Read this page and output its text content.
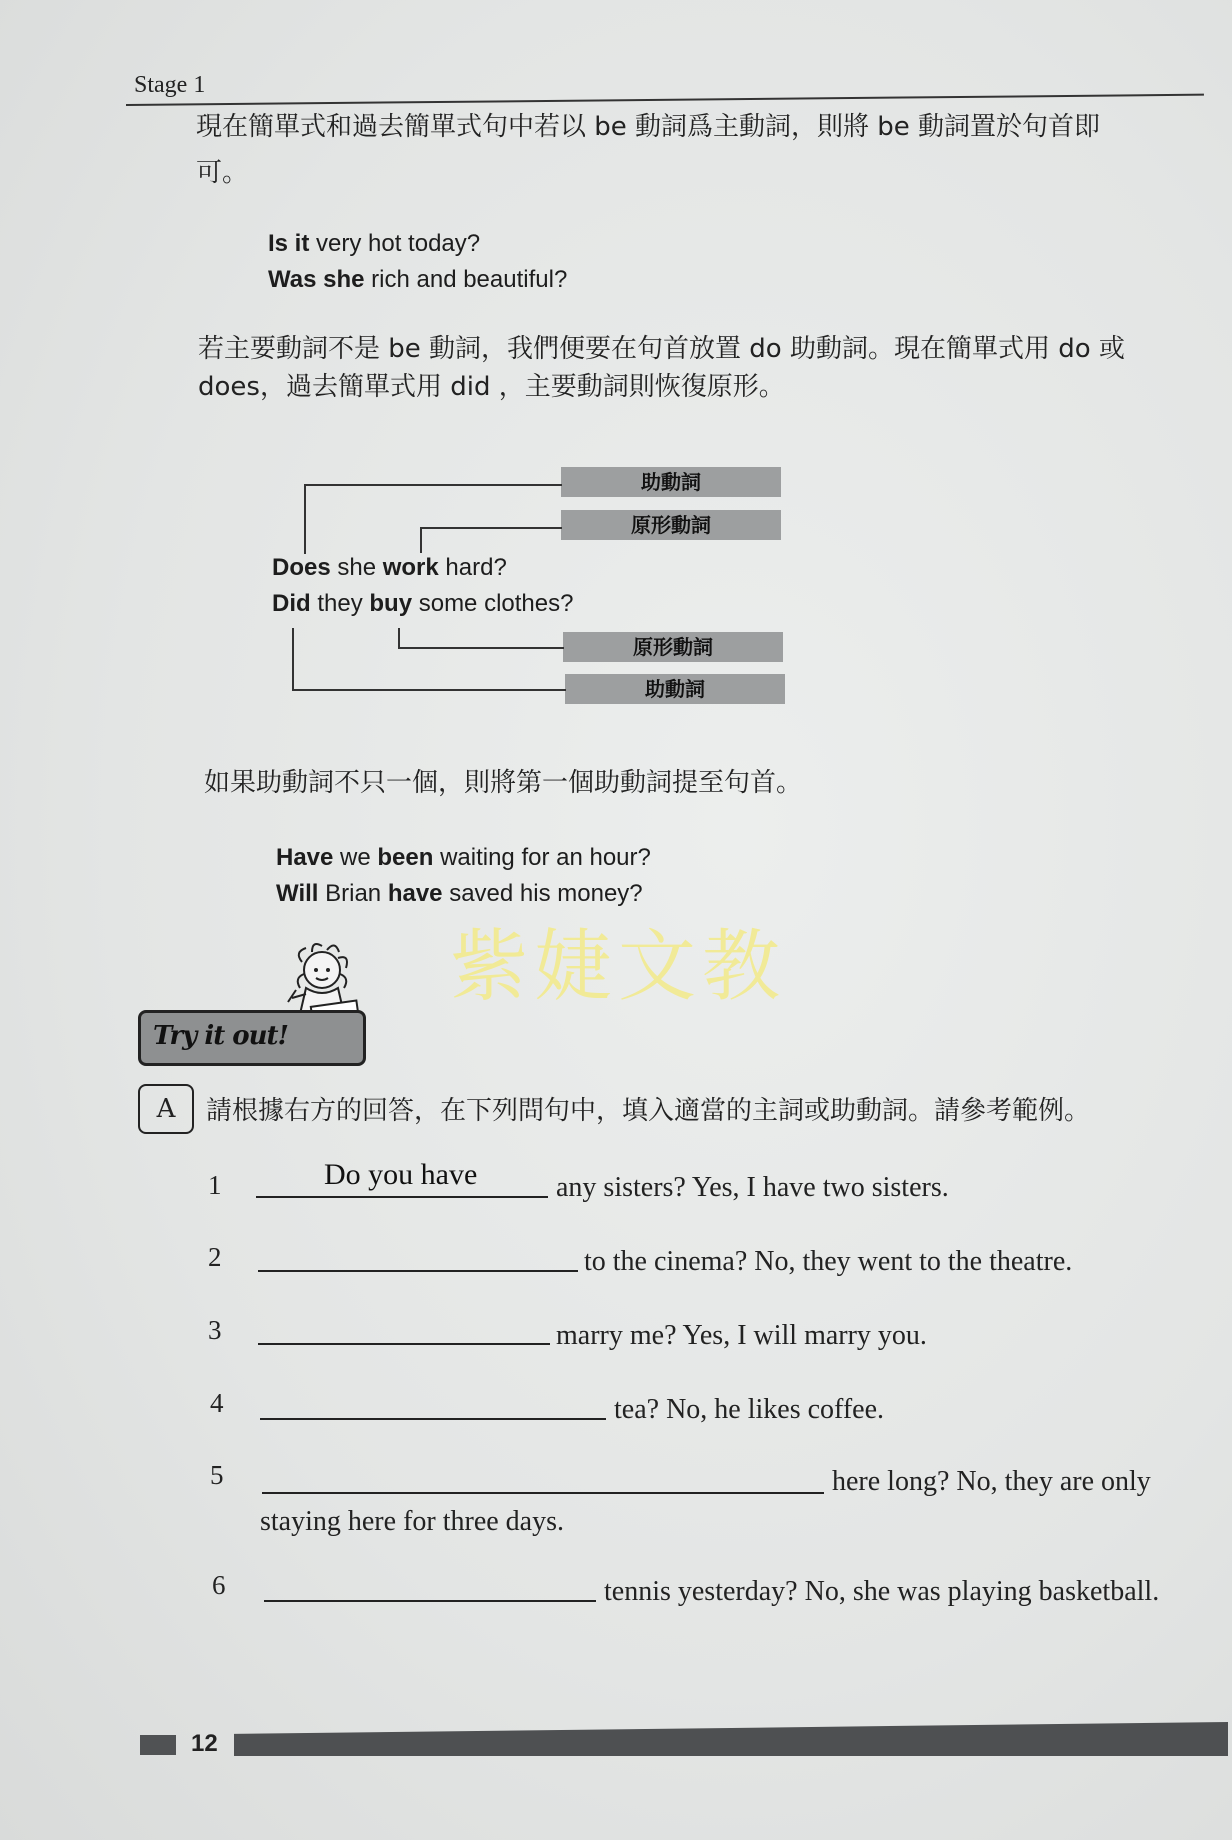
Stage 1
現在簡單式和過去簡單式句中若以 be 動詞爲主動詞，則將 be 動詞置於句首即
可。
Is it very hot today?
Was she rich and beautiful?
若主要動詞不是 be 動詞，我們便要在句首放置 do 助動詞。現在簡單式用 do 或
does，過去簡單式用 did ，主要動詞則恢復原形。
助動詞
原形動詞
原形動詞
助動詞
Does she work hard?
Did they buy some clothes?
如果助動詞不只一個，則將第一個助動詞提至句首。
Have we been waiting for an hour?
Will Brian have saved his money?
紫婕文教
Try it out!
A	請根據右方的回答，在下列問句中，填入適當的主詞或助動詞。請參考範例。
1	Do you have	any sisters? Yes, I have two sisters.
2	to the cinema? No, they went to the theatre.
3	marry me? Yes, I will marry you.
4	tea? No, he likes coffee.
5	here long? No, they are only
staying here for three days.
6	tennis yesterday? No, she was playing basketball.
12
